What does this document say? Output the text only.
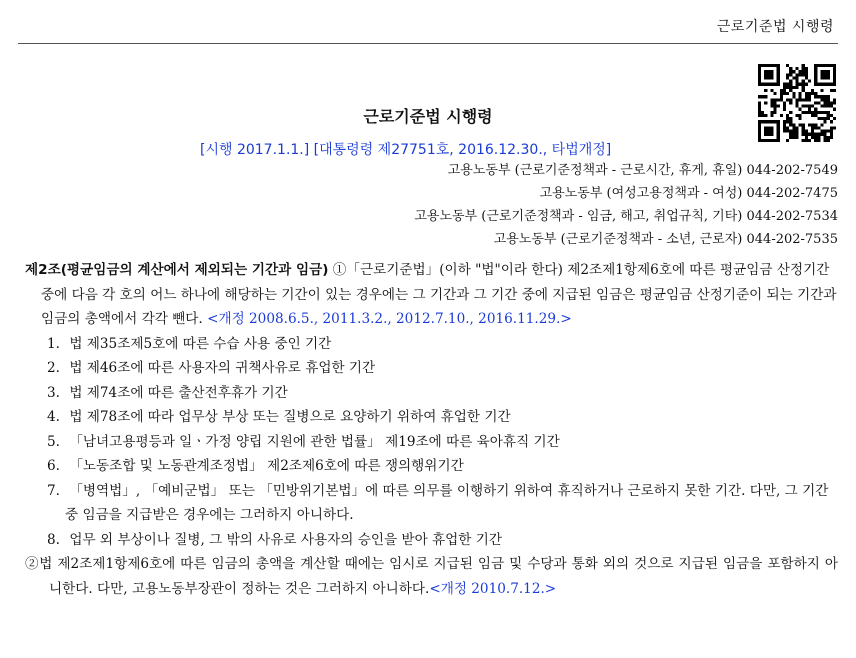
근로기준법 시행령
근로기준법 시행령
[시행 2017.1.1.] [대통령령 제27751호, 2016.12.30., 타법개정]
고용노동부 (근로기준정책과 - 근로시간, 휴게, 휴일) 044-202-7549
고용노동부 (여성고용정책과 - 여성) 044-202-7475
고용노동부 (근로기준정책과 - 임금, 해고, 취업규칙, 기타) 044-202-7534
고용노동부 (근로기준정책과 - 소년, 근로자) 044-202-7535

제2조(평균임금의 계산에서 제외되는 기간과 임금) ①「근로기준법」(이하 "법"이라 한다) 제2조제1항제6호에 따른 평균임금 산정기간 중에 다음 각 호의 어느 하나에 해당하는 기간이 있는 경우에는 그 기간과 그 기간 중에 지급된 임금은 평균임금 산정기준이 되는 기간과 임금의 총액에서 각각 뺀다. <개정 2008.6.5., 2011.3.2., 2012.7.10., 2016.11.29.>

1. 법 제35조제5호에 따른 수습 사용 중인 기간
2. 법 제46조에 따른 사용자의 귀책사유로 휴업한 기간
3. 법 제74조에 따른 출산전후휴가 기간
4. 법 제78조에 따라 업무상 부상 또는 질병으로 요양하기 위하여 휴업한 기간
5. 「남녀고용평등과 일ㆍ가정 양립 지원에 관한 법률」 제19조에 따른 육아휴직 기간
6. 「노동조합 및 노동관계조정법」 제2조제6호에 따른 쟁의행위기간
7. 「병역법」, 「예비군법」 또는 「민방위기본법」에 따른 의무를 이행하기 위하여 휴직하거나 근로하지 못한 기간. 다만, 그 기간 중 임금을 지급받은 경우에는 그러하지 아니하다.
8. 업무 외 부상이나 질병, 그 밖의 사유로 사용자의 승인을 받아 휴업한 기간

②법 제2조제1항제6호에 따른 임금의 총액을 계산할 때에는 임시로 지급된 임금 및 수당과 통화 외의 것으로 지급된 임금을 포함하지 아니한다. 다만, 고용노동부장관이 정하는 것은 그러하지 아니하다.<개정 2010.7.12.>
